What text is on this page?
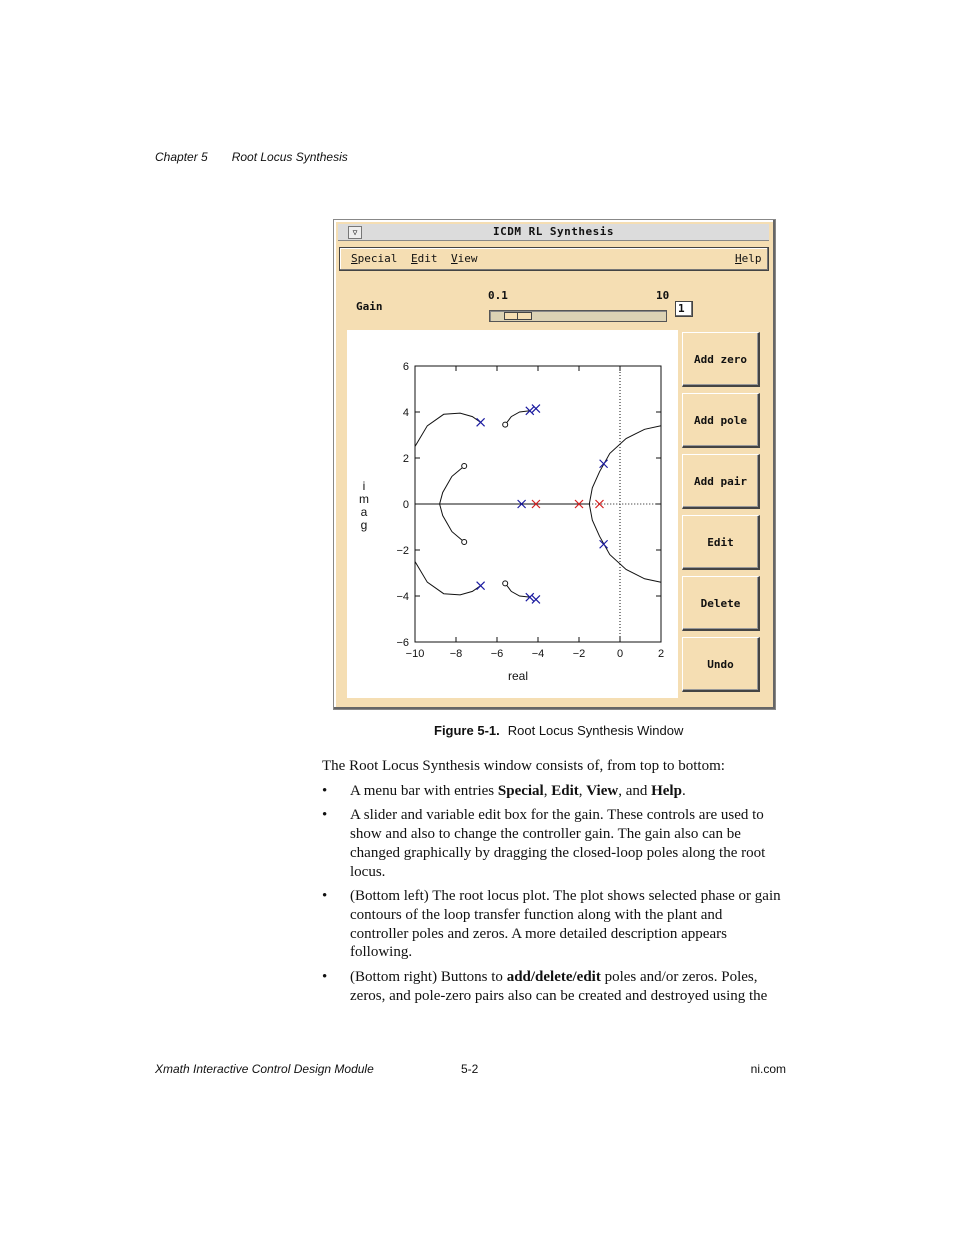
Chapter 5 Root Locus Synthesis
▽	ICDM RL Synthesis
Special Edit View	Help
Gain
0.1	10
1
−10 −8	−6	−4	−2	0	2
6
4
2
0
−2
−4
−6
real
i
m
a
g
Add zero
Add pole
Add pair
Edit
Delete
Undo
Figure 5-1. Root Locus Synthesis Window

The Root Locus Synthesis window consists of, from top to bottom:

• A menu bar with entries Special, Edit, View, and Help.
• A slider and variable edit box for the gain. These controls are used to show and also to change the controller gain. The gain also can be changed graphically by dragging the closed-loop poles along the root locus.
• (Bottom left) The root locus plot. The plot shows selected phase or gain contours of the loop transfer function along with the plant and controller poles and zeros. A more detailed description appears following.
• (Bottom right) Buttons to add/delete/edit poles and/or zeros. Poles, zeros, and pole-zero pairs also can be created and destroyed using the
Xmath Interactive Control Design Module	5-2	ni.com
